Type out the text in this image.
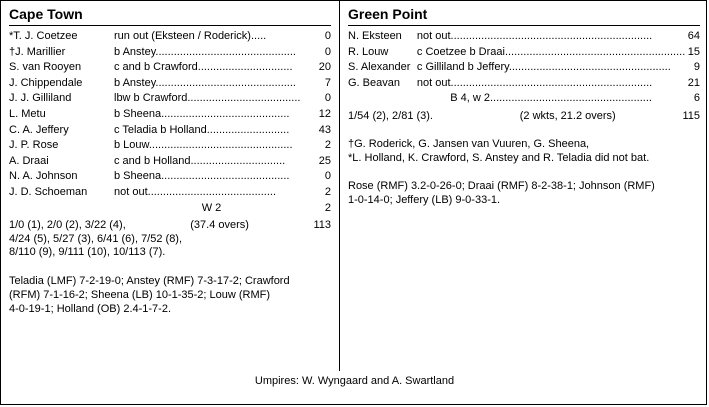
Cape Town
*T. J. Coetzee	run out (Eksteen / Roderick).....	0
†J. Marillier	b Anstey..............................................	0
S. van Rooyen	c and b Crawford...............................	20
J. Chippendale	b Anstey..............................................	7
J. J. Gilliland	lbw b Crawford.....................................	0
L. Metu	b Sheena..........................................	12
C. A. Jeffery	c Teladia b Holland...........................	43
J. P. Rose	b Louw...............................................	2
A. Draai	c and b Holland...............................	25
N. A. Johnson	b Sheena..........................................	0
J. D. Schoeman	not out..........................................	2
	W 2	2
1/0 (1), 2/0 (2), 3/22 (4),	(37.4 overs)	113
4/24 (5), 5/27 (3), 6/41 (6), 7/52 (8),
8/110 (9), 9/111 (10), 10/113 (7).
Teladia (LMF) 7-2-19-0; Anstey (RMF) 7-3-17-2; Crawford
(RFM) 7-1-16-2; Sheena (LB) 10-1-35-2; Louw (RMF)
4-0-19-1; Holland (OB) 2.4-1-7-2.
Green Point
N. Eksteen	not out..................................................................	64
R. Louw	c Coetzee b Draai...........................................................	15
S. Alexander	c Gilliland b Jeffery.....................................................	9
G. Beavan	not out..................................................................	21
	B 4, w 2.....................................................	6
1/54 (2), 2/81 (3).	(2 wkts, 21.2 overs)	115
†G. Roderick, G. Jansen van Vuuren, G. Sheena,
*L. Holland, K. Crawford, S. Anstey and R. Teladia did not bat.
Rose (RMF) 3.2-0-26-0; Draai (RMF) 8-2-38-1; Johnson (RMF)
1-0-14-0; Jeffery (LB) 9-0-33-1.
Umpires: W. Wyngaard and A. Swartland
